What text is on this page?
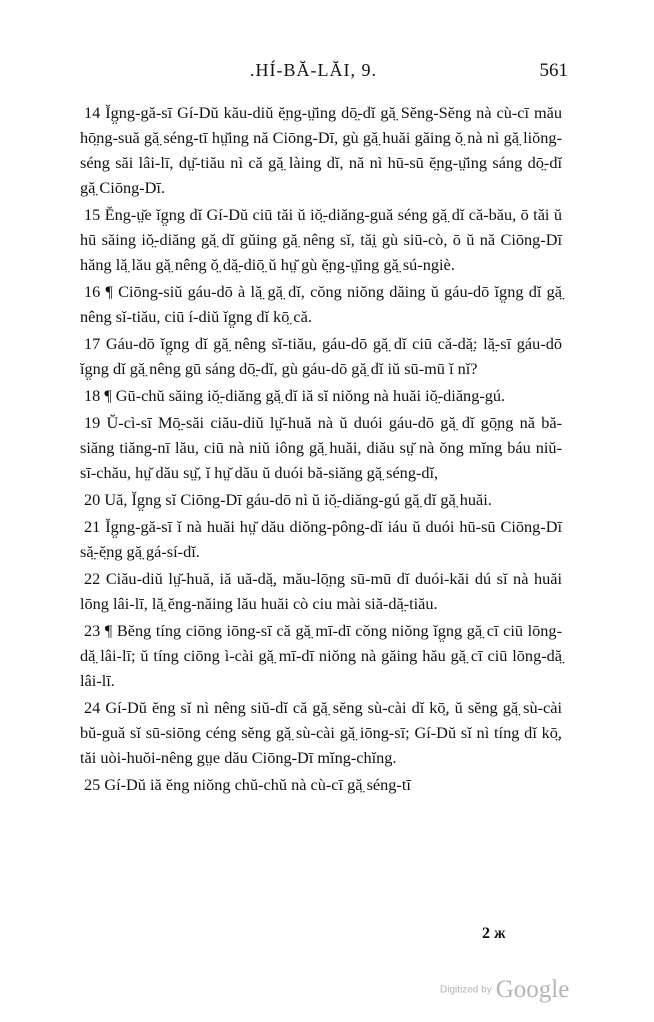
.HÍ-BĂ-LĂI, 9.	561

14 Ĭg̤ng-gă-sī Gí-Dŭ kău-diŭ ĕ̤ng-ṳ̆ing dō̤-dĭ gă̤ Sĕng-Sĕng nà cù-cī mău hō̤ng-suă gă̤ séng-tī hṳ̆ing nă Ciōng-Dī, gù gă̤ huăi găing ŏ̤ nà nì gă̤ liŏng-séng săi lâi-lī, dṳ̆-tiău nì că gă̤ làing dĭ, nă nì hū-sū ĕ̤ng-ṳ̆ing sáng dō̤-dĭ gă̤ Ciōng-Dī.

15 Ĕng-ṳ̆e ĭg̤ng dĭ Gí-Dŭ ciū tăi ŭ iŏ̤-diăng-guă séng gă̤ dĭ că-bău, ō tăi ŭ hū săing iŏ̤-diăng gă̤ dĭ gŭing gă̤ nêng sĭ, tăi̤ gù siū-cò, ō ŭ nă Ciōng-Dī hăng lă̤ lău gă̤ nêng ŏ̤ dă̤-diō̤ ŭ hṳ̆ gù ĕ̤ng-ṳ̆ing gă̤ sú-ngiè.

16 ¶ Ciōng-siŭ gáu-dō à lă̤ gă̤ dĭ, cŏng niŏng dăing ŭ gáu-dō ĭg̤ng dĭ gă̤ nêng sĭ-tiău, ciū í-diŭ ĭg̤ng dĭ kō̤ că.

17 Gáu-dō ĭg̤ng dĭ gă̤ nêng sĭ-tiău, gáu-dō gă̤ dĭ ciū că-dă̤: lă̤-sī gáu-dō ĭg̤ng dĭ gă̤ nêng gū sáng dō̤-dĭ, gù gáu-dō gă̤ dĭ iŭ sū-mū ĭ nĭ?

18 ¶ Gū-chŭ săing iŏ̤-diăng gă̤ dĭ iă sĭ niŏng nà huăi iŏ̤-diăng-gú.

19 Ŭ-cì-sī Mō̤-săi ciău-diŭ lṳ̆-huă nà ŭ duói gáu-dō gă̤ dĭ gō̤ng nă bă-siăng tiăng-nī lău, ciū nà niŭ iông gă̤ huăi, diău sṳ̆ nà ŏng mĭng báu niŭ-sī-chău, hṳ̆ dău sṳ̆, ĭ hṳ̆ dău ŭ duói bă-siăng gă̤ séng-dĭ,

20 Uă, Ĭg̤ng sĭ Ciōng-Dī gáu-dō nì ŭ iŏ̤-diăng-gú gă̤ dĭ gă̤ huăi.

21 Ĭg̤ng-gă-sī ĭ nà huăi hṳ̆ dău diŏng-pông-dĭ iáu ŭ duói hū-sū Ciōng-Dī să̤-ĕ̤ng gă̤ gá-sí-dĭ.

22 Ciău-diŭ lṳ̆-huă, iă uă-dă̤, mău-lō̤ng sū-mū dĭ duói-kăi dú sĭ nà huăi lōng lâi-lī, lă̤ ĕng-năing lău huăi cò ciu mài siă-dă̤-tiău.

23 ¶ Bĕng tíng ciōng iōng-sī că gă̤ mī-dī cŏng niŏng ĭg̤ng gă̤ cī ciū lōng-dă̤ lâi-lī; ŭ tíng ciōng ì-cài gă̤ mī-dī niŏng nà găing hău gă̤ cī ciū lōng-dă̤ lâi-lī.

24 Gí-Dŭ ĕng sĭ nì nêng siŭ-dĭ că gă̤ sĕng sù-cài dĭ kō̤, ŭ sĕng gă̤ sù-cài bŭ-guă sĭ sū-siōng céng sĕng gă̤ sù-cài gă̤ iōng-sī; Gí-Dŭ sĭ nì tíng dĭ kō̤, tăi uòi-huŏi-nêng gṳe dău Ciōng-Dī mĭng-chĭng.

25 Gí-Dŭ iă ĕng niŏng chŭ-chŭ nà cù-cī gă̤ séng-tī

2 ж
Digitized by Google
